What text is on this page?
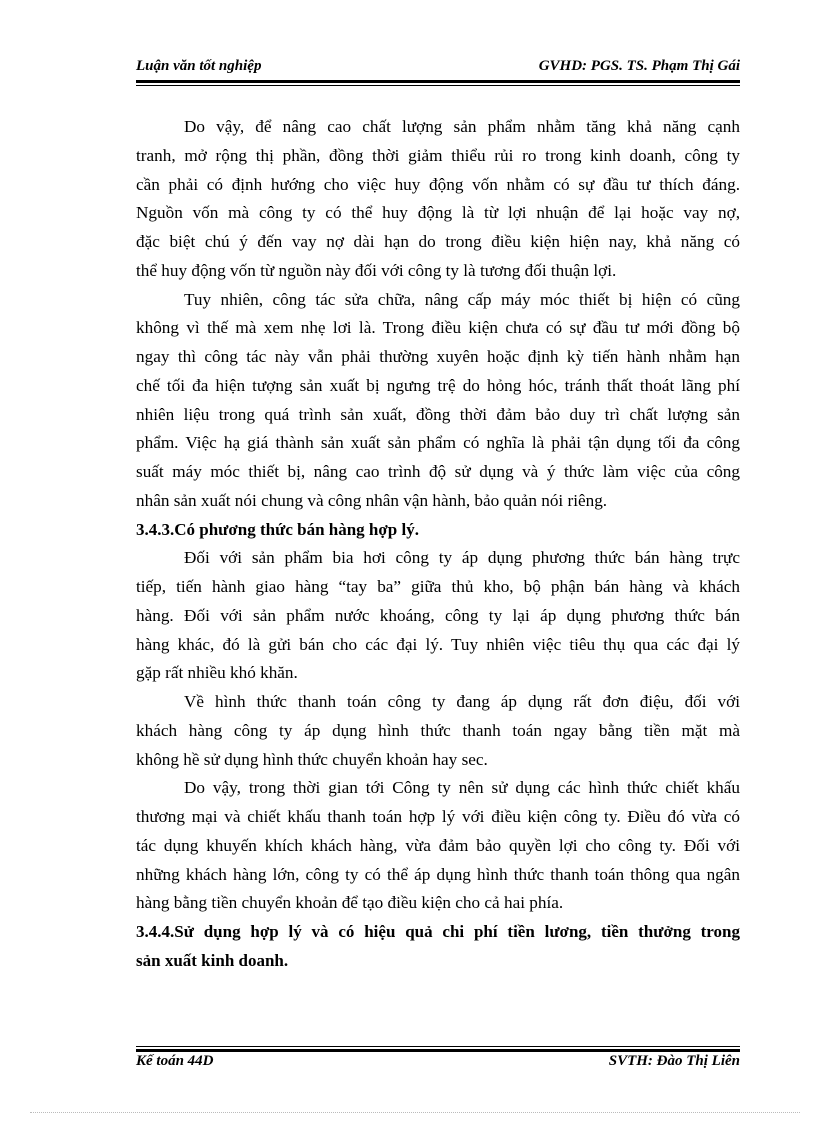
Luận văn tốt nghiệp	GVHD: PGS. TS. Phạm Thị Gái

Do vậy, để nâng cao chất lượng sản phẩm nhằm tăng khả năng cạnh
tranh, mở rộng thị phần, đồng thời giảm thiểu rủi ro trong kinh doanh, công ty
cần phải có định hướng cho việc huy động vốn nhằm có sự đầu tư thích đáng.
Nguồn vốn mà công ty có thể huy động là từ lợi nhuận để lại hoặc vay nợ,
đặc biệt chú ý đến vay nợ dài hạn do trong điều kiện hiện nay, khả năng có
thể huy động vốn từ nguồn này đối với công ty là tương đối thuận lợi.

Tuy nhiên, công tác sửa chữa, nâng cấp máy móc thiết bị hiện có cũng
không vì thế mà xem nhẹ lơi là. Trong điều kiện chưa có sự đầu tư mới đồng bộ
ngay thì công tác này vẫn phải thường xuyên hoặc định kỳ tiến hành nhằm hạn
chế tối đa hiện tượng sản xuất bị ngưng trệ do hỏng hóc, tránh thất thoát lãng phí
nhiên liệu trong quá trình sản xuất, đồng thời đảm bảo duy trì chất lượng sản
phẩm. Việc hạ giá thành sản xuất sản phẩm có nghĩa là phải tận dụng tối đa công
suất máy móc thiết bị, nâng cao trình độ sử dụng và ý thức làm việc của công
nhân sản xuất nói chung và công nhân vận hành, bảo quản nói riêng.

3.4.3.Có phương thức bán hàng hợp lý.

Đối với sản phẩm bia hơi công ty áp dụng phương thức bán hàng trực
tiếp, tiến hành giao hàng “tay ba” giữa thủ kho, bộ phận bán hàng và khách
hàng. Đối với sản phẩm nước khoáng, công ty lại áp dụng phương thức bán
hàng khác, đó là gửi bán cho các đại lý. Tuy nhiên việc tiêu thụ qua các đại lý
gặp rất nhiều khó khăn.

Về hình thức thanh toán công ty đang áp dụng rất đơn điệu, đối với
khách hàng công ty áp dụng hình thức thanh toán ngay bằng tiền mặt mà
không hề sử dụng hình thức chuyển khoản hay sec.

Do vậy, trong thời gian tới Công ty nên sử dụng các hình thức chiết khấu
thương mại và chiết khấu thanh toán hợp lý với điều kiện công ty. Điều đó vừa có
tác dụng khuyến khích khách hàng, vừa đảm bảo quyền lợi cho công ty. Đối với
những khách hàng lớn, công ty có thể áp dụng hình thức thanh toán thông qua ngân
hàng bằng tiền chuyển khoản để tạo điều kiện cho cả hai phía.

3.4.4.Sử dụng hợp lý và có hiệu quả chi phí tiền lương, tiền thưởng trong
sản xuất kinh doanh.

Kế toán 44D	SVTH: Đào Thị Liên
